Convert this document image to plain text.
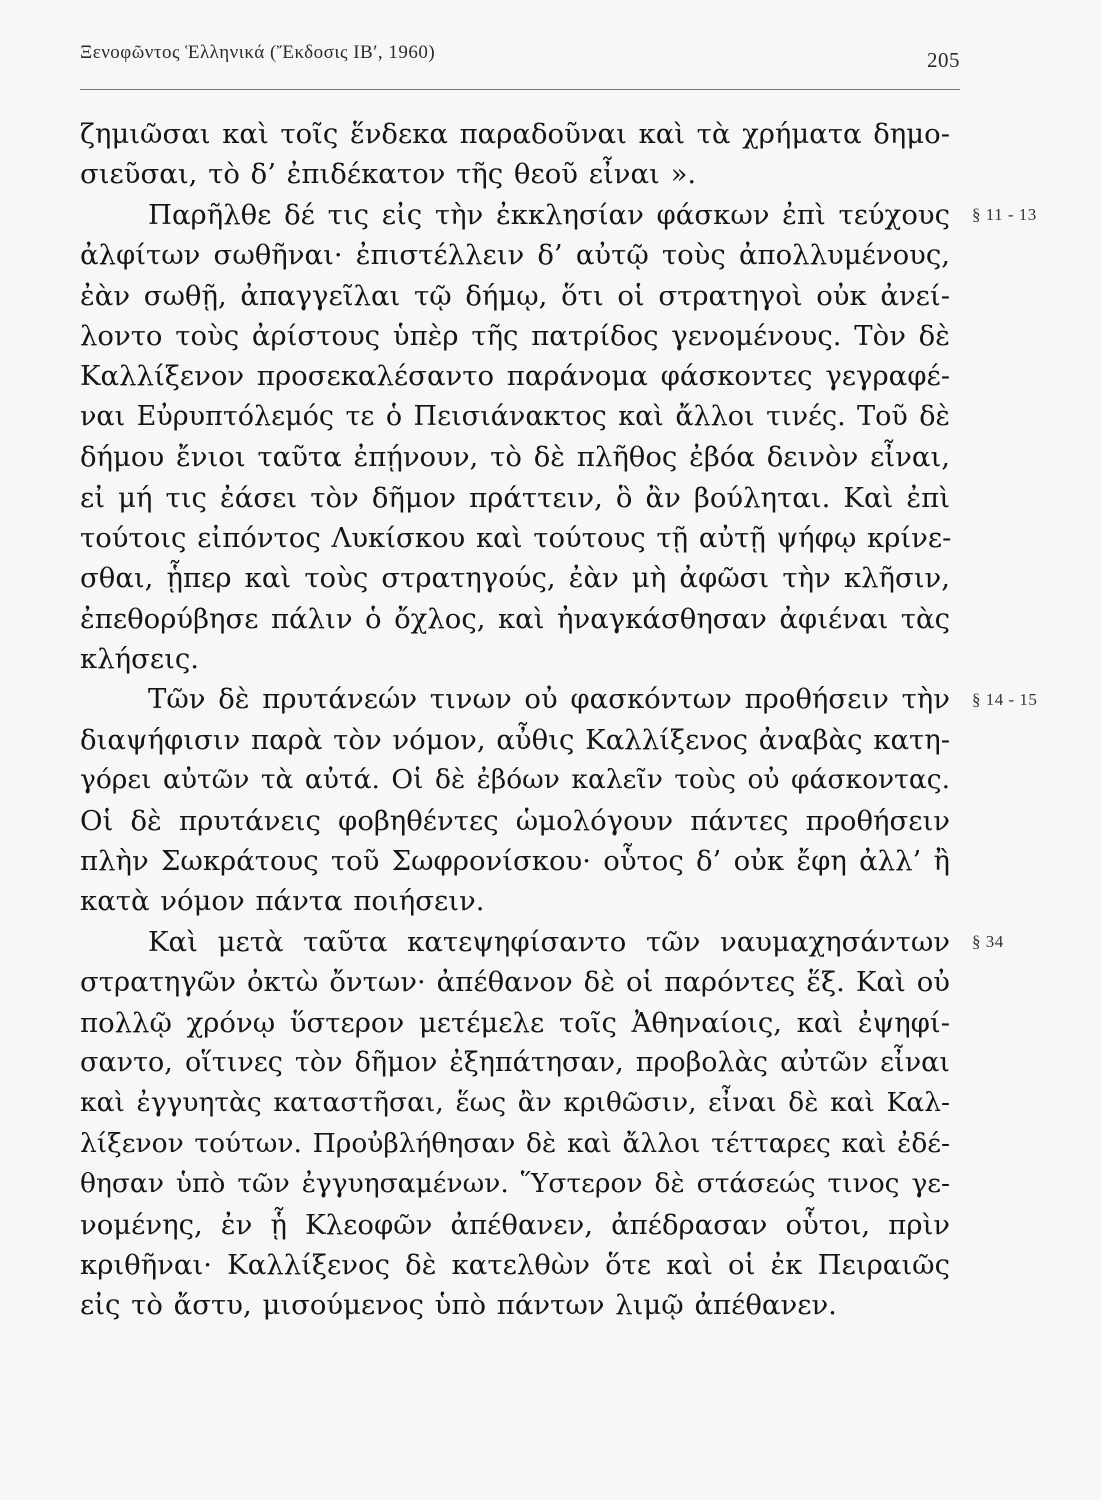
Ξενοφῶντος Ἑλληνικά (Ἔκδοσις ΙΒʹ, 1960)	205
ζημιῶσαι καὶ τοῖς ἕνδεκα παραδοῦναι καὶ τὰ χρήματα δημο-
σιεῦσαι, τὸ δ’ ἐπιδέκατον τῆς θεοῦ εἶναι ».
Παρῆλθε δέ τις εἰς τὴν ἐκκλησίαν φάσκων ἐπὶ τεύχους
ἀλφίτων σωθῆναι· ἐπιστέλλειν δ’ αὐτῷ τοὺς ἀπολλυμένους,
ἐὰν σωθῇ, ἀπαγγεῖλαι τῷ δήμῳ, ὅτι οἱ στρατηγοὶ οὐκ ἀνεί-
λοντο τοὺς ἀρίστους ὑπὲρ τῆς πατρίδος γενομένους. Τὸν δὲ
Καλλίξενον προσεκαλέσαντο παράνομα φάσκοντες γεγραφέ-
ναι Εὐρυπτόλεμός τε ὁ Πεισιάνακτος καὶ ἄλλοι τινές. Τοῦ δὲ
δήμου ἔνιοι ταῦτα ἐπῄνουν, τὸ δὲ πλῆθος ἐβόα δεινὸν εἶναι,
εἰ μή τις ἐάσει τὸν δῆμον πράττειν, ὃ ἂν βούληται. Καὶ ἐπὶ
τούτοις εἰπόντος Λυκίσκου καὶ τούτους τῇ αὐτῇ ψήφῳ κρίνε-
σθαι, ᾗπερ καὶ τοὺς στρατηγούς, ἐὰν μὴ ἀφῶσι τὴν κλῆσιν,
ἐπεθορύβησε πάλιν ὁ ὄχλος, καὶ ἠναγκάσθησαν ἀφιέναι τὰς
κλήσεις.
Τῶν δὲ πρυτάνεών τινων οὐ φασκόντων προθήσειν τὴν
διαψήφισιν παρὰ τὸν νόμον, αὖθις Καλλίξενος ἀναβὰς κατη-
γόρει αὐτῶν τὰ αὐτά. Οἱ δὲ ἐβόων καλεῖν τοὺς οὐ φάσκοντας.
Οἱ δὲ πρυτάνεις φοβηθέντες ὡμολόγουν πάντες προθήσειν
πλὴν Σωκράτους τοῦ Σωφρονίσκου· οὗτος δ’ οὐκ ἔφη ἀλλ’ ἢ
κατὰ νόμον πάντα ποιήσειν.
Καὶ μετὰ ταῦτα κατεψηφίσαντο τῶν ναυμαχησάντων
στρατηγῶν ὀκτὼ ὄντων· ἀπέθανον δὲ οἱ παρόντες ἕξ. Καὶ οὐ
πολλῷ χρόνῳ ὕστερον μετέμελε τοῖς Ἀθηναίοις, καὶ ἐψηφί-
σαντο, οἵτινες τὸν δῆμον ἐξηπάτησαν, προβολὰς αὐτῶν εἶναι
καὶ ἐγγυητὰς καταστῆσαι, ἕως ἂν κριθῶσιν, εἶναι δὲ καὶ Καλ-
λίξενον τούτων. Προὐβλήθησαν δὲ καὶ ἄλλοι τέτταρες καὶ ἐδέ-
θησαν ὑπὸ τῶν ἐγγυησαμένων. Ὕστερον δὲ στάσεώς τινος γε-
νομένης, ἐν ᾗ Κλεοφῶν ἀπέθανεν, ἀπέδρασαν οὗτοι, πρὶν
κριθῆναι· Καλλίξενος δὲ κατελθὼν ὅτε καὶ οἱ ἐκ Πειραιῶς
εἰς τὸ ἄστυ, μισούμενος ὑπὸ πάντων λιμῷ ἀπέθανεν.
§ 11 - 13
§ 14 - 15
§ 34
